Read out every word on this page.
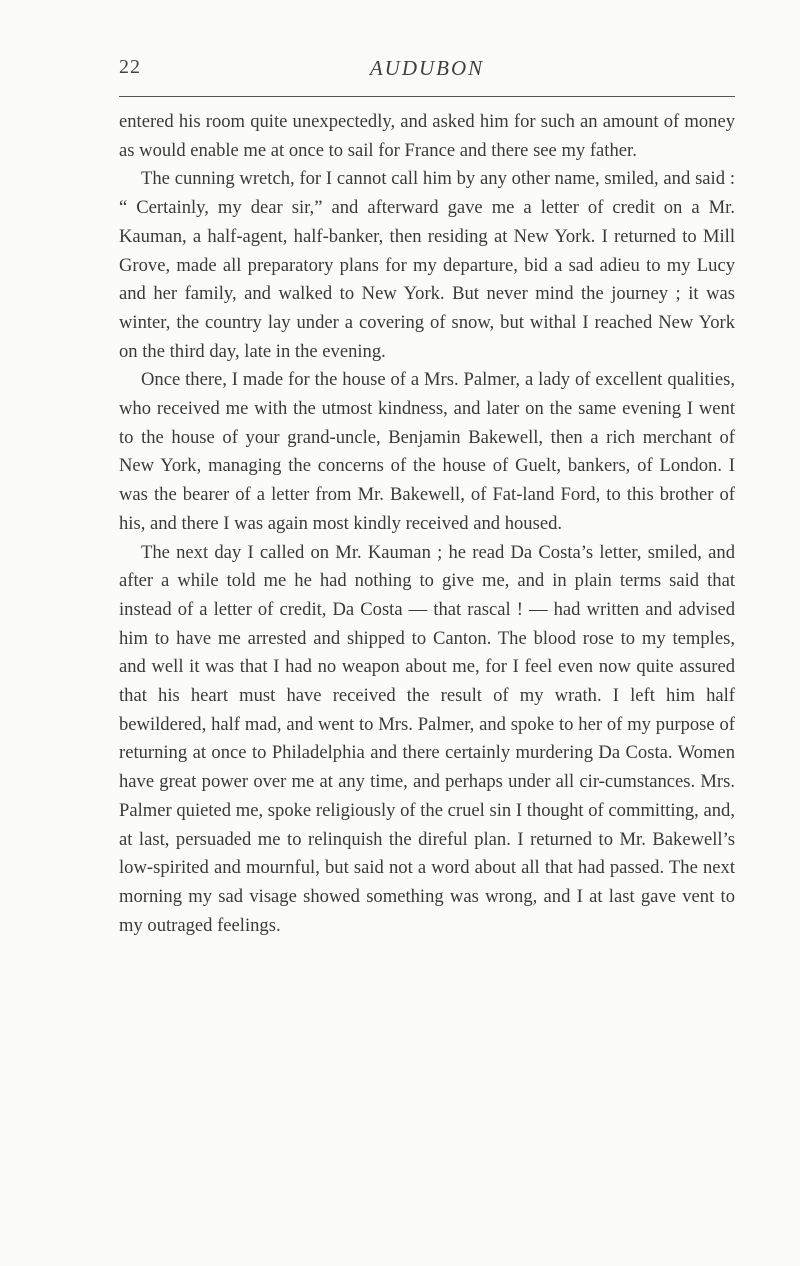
22	AUDUBON

entered his room quite unexpectedly, and asked him for such an amount of money as would enable me at once to sail for France and there see my father.

The cunning wretch, for I cannot call him by any other name, smiled, and said : “ Certainly, my dear sir,” and afterward gave me a letter of credit on a Mr. Kauman, a half-agent, half-banker, then residing at New York. I returned to Mill Grove, made all preparatory plans for my departure, bid a sad adieu to my Lucy and her family, and walked to New York. But never mind the journey ; it was winter, the country lay under a covering of snow, but withal I reached New York on the third day, late in the evening.

Once there, I made for the house of a Mrs. Palmer, a lady of excellent qualities, who received me with the utmost kindness, and later on the same evening I went to the house of your grand-uncle, Benjamin Bakewell, then a rich merchant of New York, managing the concerns of the house of Guelt, bankers, of London. I was the bearer of a letter from Mr. Bakewell, of Fat-land Ford, to this brother of his, and there I was again most kindly received and housed.

The next day I called on Mr. Kauman ; he read Da Costa’s letter, smiled, and after a while told me he had nothing to give me, and in plain terms said that instead of a letter of credit, Da Costa — that rascal ! — had written and advised him to have me arrested and shipped to Canton. The blood rose to my temples, and well it was that I had no weapon about me, for I feel even now quite assured that his heart must have received the result of my wrath. I left him half bewildered, half mad, and went to Mrs. Palmer, and spoke to her of my purpose of returning at once to Philadelphia and there certainly murdering Da Costa. Women have great power over me at any time, and perhaps under all cir-cumstances. Mrs. Palmer quieted me, spoke religiously of the cruel sin I thought of committing, and, at last, persuaded me to relinquish the direful plan. I returned to Mr. Bakewell’s low-spirited and mournful, but said not a word about all that had passed. The next morning my sad visage showed something was wrong, and I at last gave vent to my outraged feelings.
